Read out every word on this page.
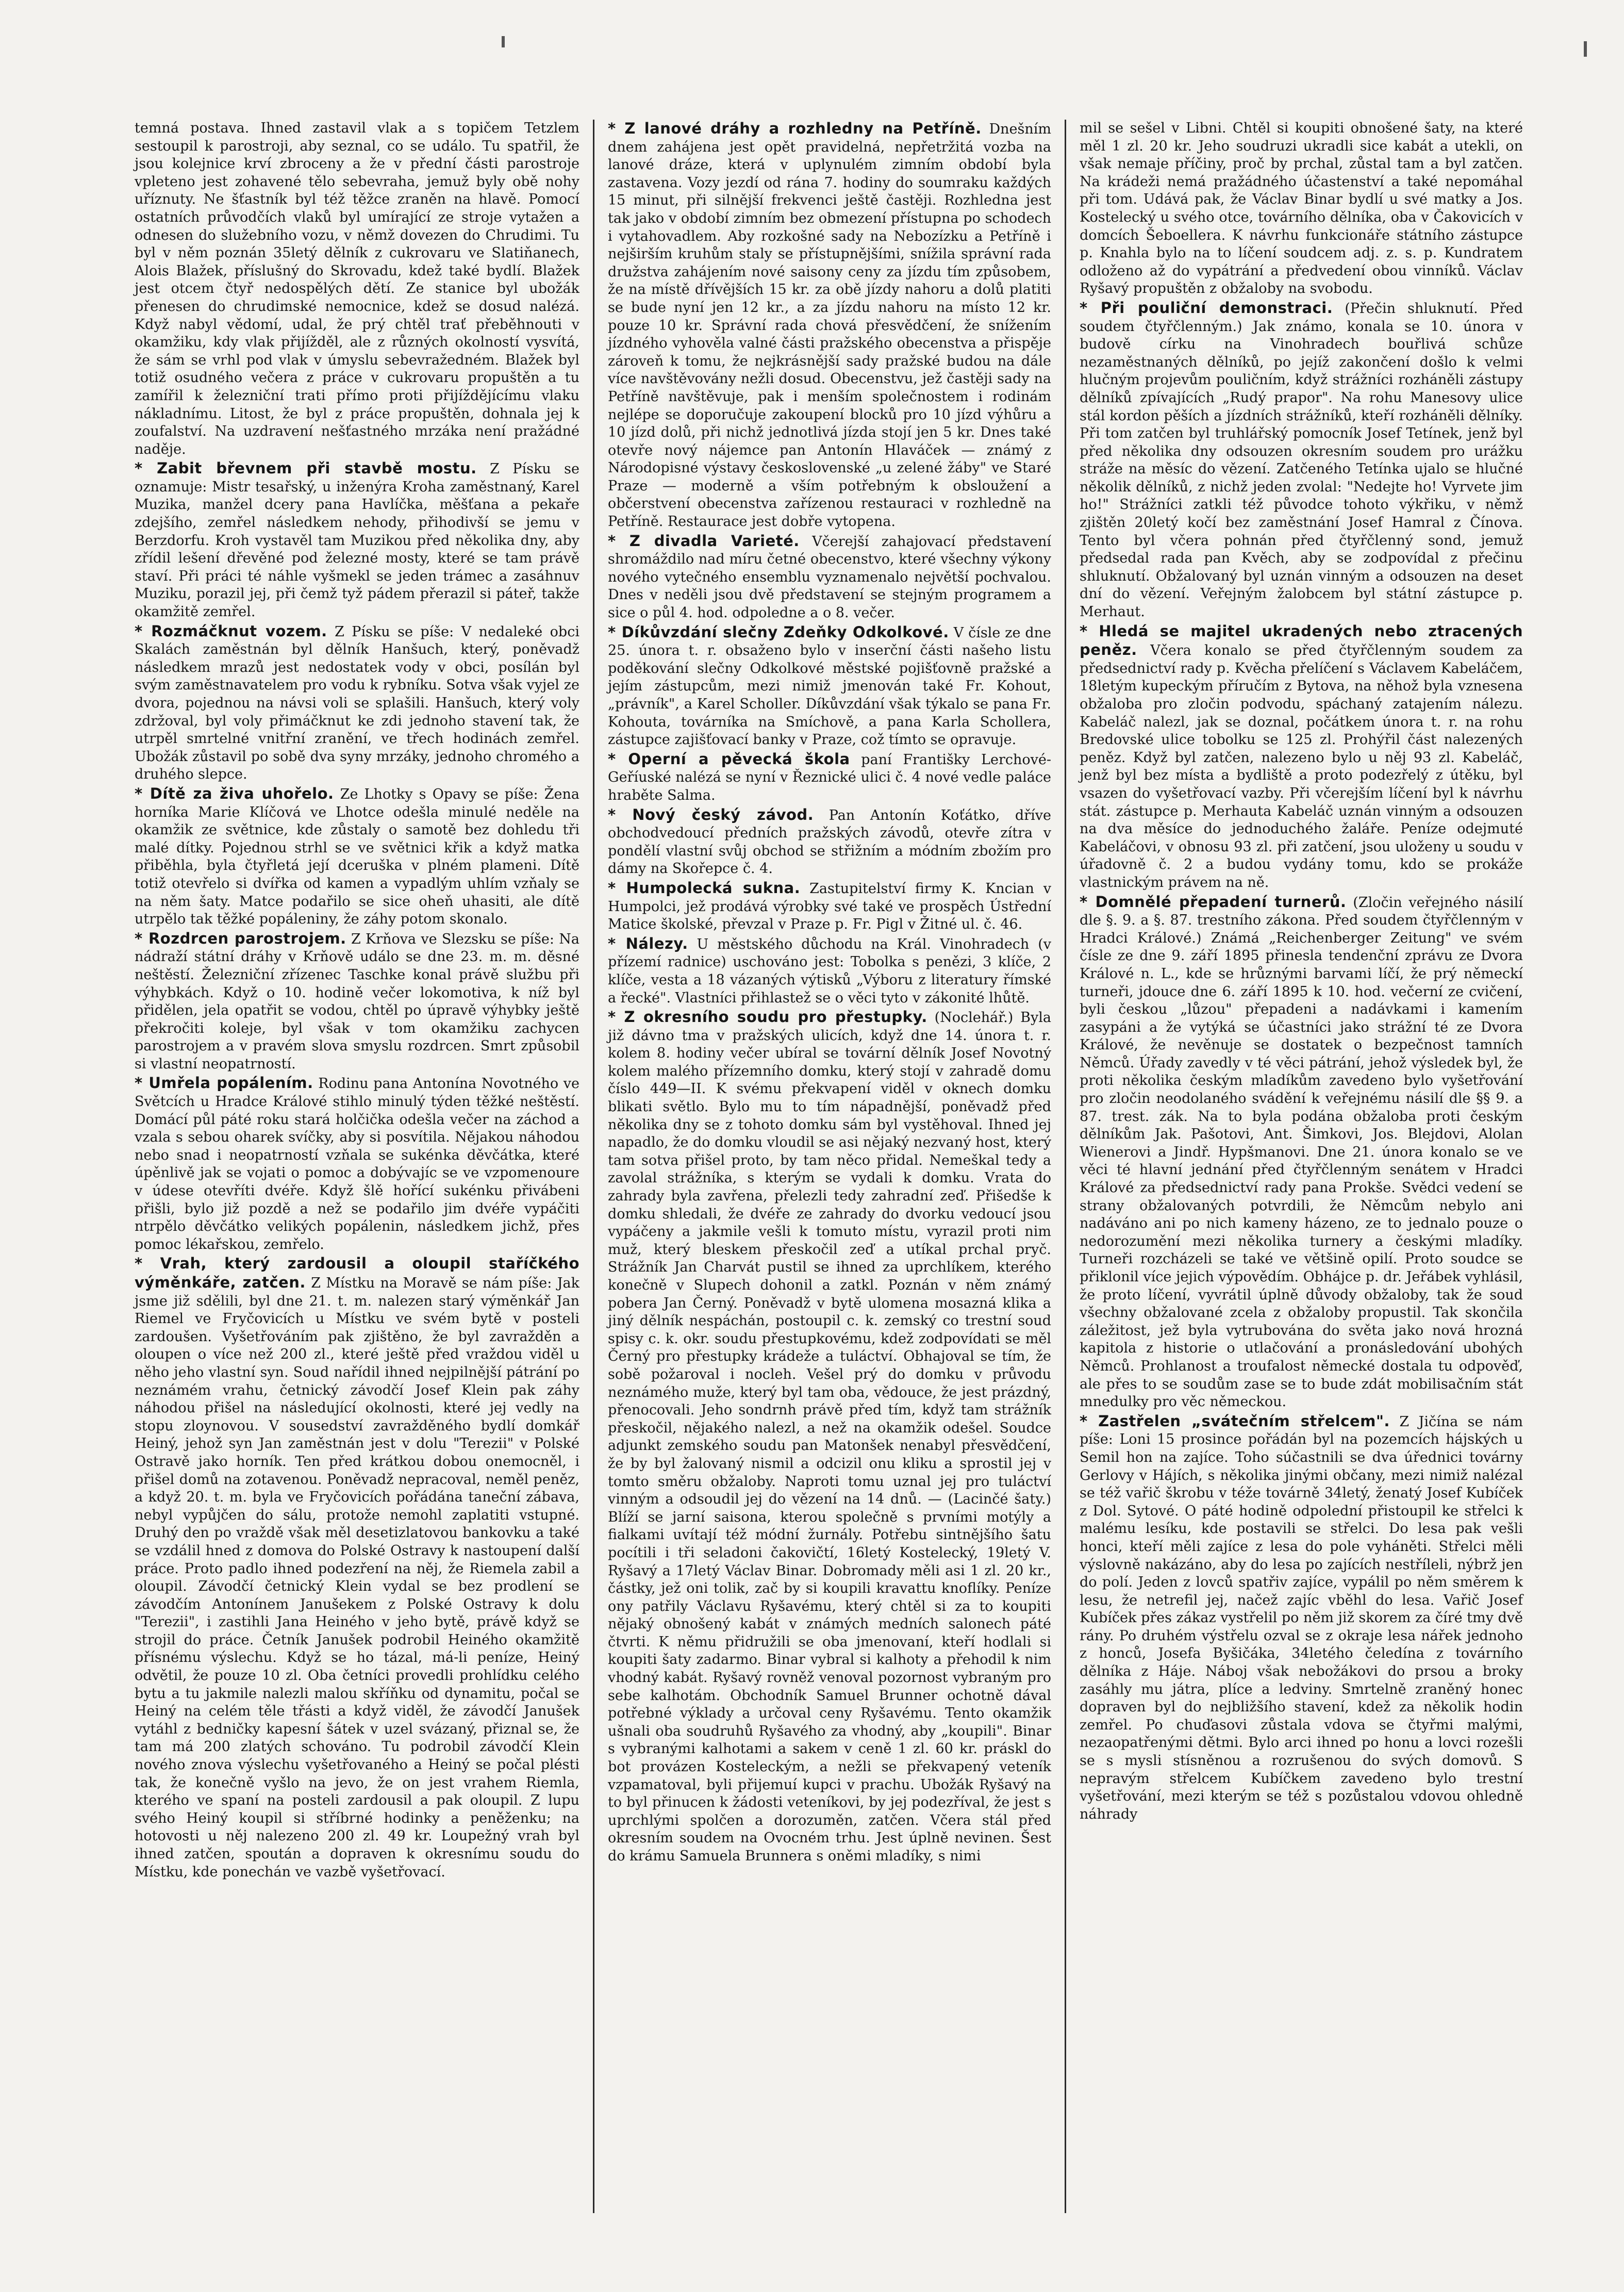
temná postava. Ihned zastavil vlak a s topičem Tetzlem sestoupil k parostroji, aby seznal, co se událo. Tu spatřil, že jsou kolejnice krví zbroceny a že v přední části parostroje vpleteno jest zohavené tělo sebevraha, jemuž byly obě nohy uříznuty. Ne šťastník byl též těžce zraněn na hlavě. Pomocí ostatních průvodčích vlaků byl umírající ze stroje vytažen a odnesen do služebního vozu, v němž dovezen do Chrudimi. Tu byl v něm poznán 35letý dělník z cukrovaru ve Slatiňanech, Alois Blažek, příslušný do Skrovadu, kdež také bydlí. Blažek jest otcem čtyř nedospělých dětí. Ze stanice byl ubožák přenesen do chrudimské nemocnice, kdež se dosud nalézá. Když nabyl vědomí, udal, že prý chtěl trať přeběhnouti v okamžiku, kdy vlak přijížděl, ale z různých okolností vysvítá, že sám se vrhl pod vlak v úmyslu sebevražedném. Blažek byl totiž osudného večera z práce v cukrovaru propuštěn a tu zamířil k železniční trati přímo proti přijíždějícímu vlaku nákladnímu. Litost, že byl z práce propuštěn, dohnala jej k zoufalství. Na uzdravení nešťastného mrzáka není pražádné naděje.

* Zabit břevnem při stavbě mostu. Z Písku se oznamuje: Mistr tesařský, u inženýra Kroha zaměstnaný, Karel Muzika, manžel dcery pana Havlíčka, měšťana a pekaře zdejšího, zemřel následkem nehody, přihodivší se jemu v Berzdorfu. Kroh vystavěl tam Muzikou před několika dny, aby zřídil lešení dřevěné pod železné mosty, které se tam právě staví. Při práci té náhle vyšmekl se jeden trámec a zasáhnuv Muziku, porazil jej, při čemž tyž pádem přerazil si páteř, takže okamžitě zemřel.

* Rozmáčknut vozem. Z Písku se píše: V nedaleké obci Skalách zaměstnán byl dělník Hanšuch, který, poněvadž následkem mrazů jest nedostatek vody v obci, posílán byl svým zaměstnavatelem pro vodu k rybníku. Sotva však vyjel ze dvora, pojednou na návsi voli se splašili. Hanšuch, který voly zdržoval, byl voly přimáčknut ke zdi jednoho stavení tak, že utrpěl smrtelné vnitřní zranění, ve třech hodinách zemřel. Ubožák zůstavil po sobě dva syny mrzáky, jednoho chromého a druhého slepce.

* Dítě za živa uhořelo. Ze Lhotky s Opavy se píše: Žena horníka Marie Klíčová ve Lhotce odešla minulé neděle na okamžik ze světnice, kde zůstaly o samotě bez dohledu tři malé dítky. Pojednou strhl se ve světnici křik a když matka přiběhla, byla čtyřletá její dceruška v plném plameni. Dítě totiž otevřelo si dvířka od kamen a vypadlým uhlím vzňaly se na něm šaty. Matce podařilo se sice oheň uhasiti, ale dítě utrpělo tak těžké popáleniny, že záhy potom skonalo.

* Rozdrcen parostrojem. Z Krňova ve Slezsku se píše: Na nádraží státní dráhy v Krňově událo se dne 23. m. m. děsné neštěstí. Železniční zřízenec Taschke konal právě službu při výhybkách. Když o 10. hodině večer lokomotiva, k níž byl přidělen, jela opatřit se vodou, chtěl po úpravě výhybky ještě překročiti koleje, byl však v tom okamžiku zachycen parostrojem a v pravém slova smyslu rozdrcen. Smrt způsobil si vlastní neopatrností.

* Umřela popálením. Rodinu pana Antonína Novotného ve Světcích u Hradce Králové stihlo minulý týden těžké neštěstí. Domácí půl páté roku stará holčička odešla večer na záchod a vzala s sebou oharek svíčky, aby si posvítila. Nějakou náhodou nebo snad i neopatrností vzňala se sukénka děvčátka, které úpěnlivě jak se vojati o pomoc a dobývajíc se ve vzpomenoure v údese otevříti dvéře. Když šlě hořící sukénku přivábeni přišli, bylo již pozdě a než se podařilo jim dvéře vypáčiti ntrpělo děvčátko velikých popálenin, následkem jichž, přes pomoc lékařskou, zemřelo.

* Vrah, který zardousil a oloupil staříčkého výměnkáře, zatčen. Z Místku na Moravě se nám píše: Jak jsme již sdělili, byl dne 21. t. m. nalezen starý výměnkář Jan Riemel ve Fryčovicích u Místku ve svém bytě v posteli zardoušen. Vyšetřováním pak zjištěno, že byl zavražděn a oloupen o více než 200 zl., které ještě před vraždou viděl u něho jeho vlastní syn. Soud nařídil ihned nejpilnější pátrání po neznámém vrahu, četnický závodčí Josef Klein pak záhy náhodou přišel na následující okolnosti, které jej vedly na stopu zloynovou. V sousedství zavražděného bydlí domkář Heiný, jehož syn Jan zaměstnán jest v dolu "Terezii" v Polské Ostravě jako horník. Ten před krátkou dobou onemocněl, i přišel domů na zotavenou. Poněvadž nepracoval, neměl peněz, a když 20. t. m. byla ve Fryčovicích pořádána taneční zábava, nebyl vypůjčen do sálu, protože nemohl zaplatiti vstupné. Druhý den po vraždě však měl desetizlatovou bankovku a také se vzdálil hned z domova do Polské Ostravy k nastoupení další práce. Proto padlo ihned podezření na něj, že Riemela zabil a oloupil. Závodčí četnický Klein vydal se bez prodlení se závodčím Antonínem Janušekem z Polské Ostravy k dolu "Terezii", i zastihli Jana Heiného v jeho bytě, právě když se strojil do práce. Četník Janušek podrobil Heiného okamžitě přísnému výslechu. Když se ho tázal, má-li peníze, Heiný odvětil, že pouze 10 zl. Oba četníci provedli prohlídku celého bytu a tu jakmile nalezli malou skříňku od dynamitu, počal se Heiný na celém těle třásti a když viděl, že závodčí Janušek vytáhl z bedničky kapesní šátek v uzel svázaný, přiznal se, že tam má 200 zlatých schováno. Tu podrobil závodčí Klein nového znova výslechu vyšetřovaného a Heiný se počal plésti tak, že konečně vyšlo na jevo, že on jest vrahem Riemla, kterého ve spaní na posteli zardousil a pak oloupil. Z lupu svého Heiný koupil si stříbrné hodinky a peněženku; na hotovosti u něj nalezeno 200 zl. 49 kr. Loupežný vrah byl ihned zatčen, spoután a dopraven k okresnímu soudu do Místku, kde ponechán ve vazbě vyšetřovací.

* Z lanové dráhy a rozhledny na Petříně. Dnešním dnem zahájena jest opět pravidelná, nepřetržitá vozba na lanové dráze, která v uplynulém zimním období byla zastavena. Vozy jezdí od rána 7. hodiny do soumraku každých 15 minut, při silnější frekvenci ještě častěji. Rozhledna jest tak jako v období zimním bez obmezení přístupna po schodech i vytahovadlem. Aby rozkošné sady na Nebozízku a Petříně i nejširším kruhům staly se přístupnějšími, snížila správní rada družstva zahájením nové saisony ceny za jízdu tím způsobem, že na místě dřívějších 15 kr. za obě jízdy nahoru a dolů platiti se bude nyní jen 12 kr., a za jízdu nahoru na místo 12 kr. pouze 10 kr. Správní rada chová přesvědčení, že snížením jízdného vyhověla valné části pražského obecenstva a přispěje zároveň k tomu, že nejkrásnější sady pražské budou na dále více navštěvovány nežli dosud. Obecenstvu, jež častěji sady na Petříně navštěvuje, pak i menším společnostem i rodinám nejlépe se doporučuje zakoupení blocků pro 10 jízd výhůru a 10 jízd dolů, při nichž jednotlivá jízda stojí jen 5 kr. Dnes také otevře nový nájemce pan Antonín Hlaváček — známý z Národopisné výstavy československé „u zelené žáby" ve Staré Praze — moderně a vším potřebným k obsloužení a občerstvení obecenstva zařízenou restauraci v rozhledně na Petříně. Restaurace jest dobře vytopena.

* Z divadla Varieté. Včerejší zahajovací představení shromáždilo nad míru četné obecenstvo, které všechny výkony nového vytečného ensemblu vyznamenalo největší pochvalou. Dnes v neděli jsou dvě představení se stejným programem a sice o půl 4. hod. odpoledne a o 8. večer.

* Díkůvzdání slečny Zdeňky Odkolkové. V čísle ze dne 25. února t. r. obsaženo bylo v inserční části našeho listu poděkování slečny Odkolkové městské pojišťovně pražské a jejím zástupcům, mezi nimiž jmenován také Fr. Kohout, „právník", a Karel Scholler. Díkůvzdání však týkalo se pana Fr. Kohouta, továrníka na Smíchově, a pana Karla Schollera, zástupce zajišťovací banky v Praze, což tímto se opravuje.

* Operní a pěvecká škola paní Františky Lerchové-Geříuské nalézá se nyní v Řeznické ulici č. 4 nové vedle paláce hraběte Salma.

* Nový český závod. Pan Antonín Koťátko, dříve obchodvedoucí předních pražských závodů, otevře zítra v pondělí vlastní svůj obchod se střižním a módním zbožím pro dámy na Skořepce č. 4.

* Humpolecká sukna. Zastupitelství firmy K. Kncian v Humpolci, jež prodává výrobky své také ve prospěch Ústřední Matice školské, převzal v Praze p. Fr. Pigl v Žitné ul. č. 46.

* Nálezy. U městského důchodu na Král. Vinohradech (v přízemí radnice) uschováno jest: Tobolka s penězi, 3 klíče, 2 klíče, vesta a 18 vázaných výtisků „Výboru z literatury římské a řecké". Vlastníci přihlastež se o věci tyto v zákonité lhůtě.

* Z okresního soudu pro přestupky. (Noclehář.) Byla již dávno tma v pražských ulicích, když dne 14. února t. r. kolem 8. hodiny večer ubíral se tovární dělník Josef Novotný kolem malého přízemního domku, který stojí v zahradě domu číslo 449—II. K svému překvapení viděl v oknech domku blikati světlo. Bylo mu to tím nápadnější, poněvadž před několika dny se z tohoto domku sám byl vystěhoval. Ihned jej napadlo, že do domku vloudil se asi nějaký nezvaný host, který tam sotva přišel proto, by tam něco přidal. Nemeškal tedy a zavolal strážníka, s kterým se vydali k domku. Vrata do zahrady byla zavřena, přelezli tedy zahradní zeď. Přišedše k domku shledali, že dvéře ze zahrady do dvorku vedoucí jsou vypáčeny a jakmile vešli k tomuto místu, vyrazil proti nim muž, který bleskem přeskočil zeď a utíkal prchal pryč. Strážník Jan Charvát pustil se ihned za uprchlíkem, kterého konečně v Slupech dohonil a zatkl. Poznán v něm známý pobera Jan Černý. Poněvadž v bytě ulomena mosazná klika a jiný dělník nespáchán, postoupil c. k. zemský co trestní soud spisy c. k. okr. soudu přestupkovému, kdež zodpovídati se měl Černý pro přestupky krádeže a tuláctví. Obhajoval se tím, že sobě požaroval i nocleh. Vešel prý do domku v průvodu neznámého muže, který byl tam oba, vědouce, že jest prázdný, přenocovali. Jeho sondrnh právě před tím, když tam strážník přeskočil, nějakého nalezl, a než na okamžik odešel. Soudce adjunkt zemského soudu pan Matonšek nenabyl přesvědčení, že by byl žalovaný nismil a odcizil onu kliku a sprostil jej v tomto směru obžaloby. Naproti tomu uznal jej pro tuláctví vinným a odsoudil jej do vězení na 14 dnů. — (Lacinčé šaty.) Blíží se jarní saisona, kterou společně s prvními motýly a fialkami uvítají též módní žurnály. Potřebu sintnějšího šatu pocítili i tři seladoni čakovičtí, 16letý Kostelecký, 19letý V. Ryšavý a 17letý Václav Binar. Dobromady měli asi 1 zl. 20 kr., částky, jež oni tolik, zač by si koupili kravattu knoflíky. Peníze ony patřily Václavu Ryšavému, který chtěl si za to koupiti nějaký obnošený kabát v známých medních salonech páté čtvrti. K němu přidružili se oba jmenovaní, kteří hodlali si koupiti šaty zadarmo. Binar vybral si kalhoty a přehodil k nim vhodný kabát. Ryšavý rovněž venoval pozornost vybraným pro sebe kalhotám. Obchodník Samuel Brunner ochotně dával potřebné výklady a určoval ceny Ryšavému. Tento okamžik ušnali oba soudruhů Ryšavého za vhodný, aby „koupili". Binar s vybranými kalhotami a sakem v ceně 1 zl. 60 kr. práskl do bot provázen Kosteleckým, a nežli se překvapený veteník vzpamatoval, byli přijemuí kupci v prachu. Ubožák Ryšavý na to byl přinucen k žádosti veteníkovi, by jej podezříval, že jest s uprchlými spolčen a dorozuměn, zatčen. Včera stál před okresním soudem na Ovocném trhu. Jest úplně nevinen. Šest do krámu Samuela Brunnera s oněmi mladíky, s nimi

mil se sešel v Libni. Chtěl si koupiti obnošené šaty, na které měl 1 zl. 20 kr. Jeho soudruzi ukradli sice kabát a utekli, on však nemaje příčiny, proč by prchal, zůstal tam a byl zatčen. Na krádeži nemá pražádného účastenství a také nepomáhal při tom. Udává pak, že Václav Binar bydlí u své matky a Jos. Kostelecký u svého otce, továrního dělníka, oba v Čakovicích v domcích Šeboellera. K návrhu funkcionáře státního zástupce p. Knahla bylo na to líčení soudcem adj. z. s. p. Kundratem odloženo až do vypátrání a předvedení obou vinníků. Václav Ryšavý propuštěn z obžaloby na svobodu.

* Při pouliční demonstraci. (Přečin shluknutí. Před soudem čtyřčlenným.) Jak známo, konala se 10. února v budově círku na Vinohradech bouřlivá schůze nezaměstnaných dělníků, po jejíž zakončení došlo k velmi hlučným projevům pouličním, když strážníci rozháněli zástupy dělníků zpívajících „Rudý prapor". Na rohu Manesovy ulice stál kordon pěších a jízdních strážníků, kteří rozháněli dělníky. Při tom zatčen byl truhlářský pomocník Josef Tetínek, jenž byl před několika dny odsouzen okresním soudem pro urážku stráže na měsíc do vězení. Zatčeného Tetínka ujalo se hlučné několik dělníků, z nichž jeden zvolal: "Nedejte ho! Vyrvete jim ho!" Strážníci zatkli též původce tohoto výkřiku, v němž zjištěn 20letý kočí bez zaměstnání Josef Hamral z Čínova. Tento byl včera pohnán před čtyřčlenný sond, jemuž předsedal rada pan Kvěch, aby se zodpovídal z přečinu shluknutí. Obžalovaný byl uznán vinným a odsouzen na deset dní do vězení. Veřejným žalobcem byl státní zástupce p. Merhaut.

* Hledá se majitel ukradených nebo ztracených peněz. Včera konalo se před čtyřčlenným soudem za předsednictví rady p. Kvěcha přelíčení s Václavem Kabeláčem, 18letým kupeckým příručím z Bytova, na něhož byla vznesena obžaloba pro zločin podvodu, spáchaný zatajením nálezu. Kabeláč nalezl, jak se doznal, počátkem února t. r. na rohu Bredovské ulice tobolku se 125 zl. Prohýřil část nalezených peněz. Když byl zatčen, nalezeno bylo u něj 93 zl. Kabeláč, jenž byl bez místa a bydliště a proto podezřelý z útěku, byl vsazen do vyšetřovací vazby. Při včerejším líčení byl k návrhu stát. zástupce p. Merhauta Kabeláč uznán vinným a odsouzen na dva měsíce do jednoduchého žaláře. Peníze odejmuté Kabeláčovi, v obnosu 93 zl. při zatčení, jsou uloženy u soudu v úřadovně č. 2 a budou vydány tomu, kdo se prokáže vlastnickým právem na ně.

* Domnělé přepadení turnerů. (Zločin veřejného násilí dle §. 9. a §. 87. trestního zákona. Před soudem čtyřčlenným v Hradci Králové.) Známá „Reichenberger Zeitung" ve svém čísle ze dne 9. září 1895 přinesla tendenční zprávu ze Dvora Králové n. L., kde se hrůznými barvami líčí, že prý německí turneři, jdouce dne 6. září 1895 k 10. hod. večerní ze cvičení, byli českou „lůzou" přepadeni a nadávkami i kamením zasypáni a že vytýká se účastníci jako strážní té ze Dvora Králové, že nevěnuje se dostatek o bezpečnost tamních Němců. Úřady zavedly v té věci pátrání, jehož výsledek byl, že proti několika českým mladíkům zavedeno bylo vyšetřování pro zločin neodolaného svádění k veřejnému násilí dle §§ 9. a 87. trest. zák. Na to byla podána obžaloba proti českým dělníkům Jak. Pašotovi, Ant. Šimkovi, Jos. Blejdovi, Alolan Wienerovi a Jindř. Hypšmanovi. Dne 21. února konalo se ve věci té hlavní jednání před čtyřčlenným senátem v Hradci Králové za předsednictví rady pana Prokše. Svědci vedení se strany obžalovaných potvrdili, že Němcům nebylo ani nadáváno ani po nich kameny házeno, ze to jednalo pouze o nedorozumění mezi několika turnery a českými mladíky. Turneři rozcházeli se také ve většině opilí. Proto soudce se přiklonil více jejich výpovědím. Obhájce p. dr. Jeřábek vyhlásil, že proto líčení, vyvrátil úplně důvody obžaloby, tak že soud všechny obžalované zcela z obžaloby propustil. Tak skončila záležitost, jež byla vytrubována do světa jako nová hrozná kapitola z historie o utlačování a pronásledování ubohých Němců. Prohlanost a troufalost německé dostala tu odpověď, ale přes to se soudům zase se to bude zdát mobilisačním stát mnedulky pro věc německou.

* Zastřelen „svátečním střelcem". Z Jičína se nám píše: Loni 15 prosince pořádán byl na pozemcích hájských u Semil hon na zajíce. Toho súčastnili se dva úřednici továrny Gerlovy v Hájích, s několika jinými občany, mezi nimiž nalézal se též vařič škrobu v téže továrně 34letý, ženatý Josef Kubíček z Dol. Sytové. O páté hodině odpolední přistoupil ke střelci k malému lesíku, kde postavili se střelci. Do lesa pak vešli honci, kteří měli zajíce z lesa do pole vyháněti. Střelci měli výslovně nakázáno, aby do lesa po zajících nestříleli, nýbrž jen do polí. Jeden z lovců spatřiv zajíce, vypálil po něm směrem k lesu, že netrefil jej, načež zajíc vběhl do lesa. Vařič Josef Kubíček přes zákaz vystřelil po něm již skorem za číré tmy dvě rány. Po druhém výstřelu ozval se z okraje lesa nářek jednoho z honců, Josefa Byšičáka, 34letého čeledína z továrního dělníka z Háje. Náboj však nebožákovi do prsou a broky zasáhly mu játra, plíce a ledviny. Smrtelně zraněný honec dopraven byl do nejbližšího stavení, kdež za několik hodin zemřel. Po chuďasovi zůstala vdova se čtyřmi malými, nezaopatřenými dětmi. Bylo arci ihned po honu a lovci rozešli se s mysli stísněnou a rozrušenou do svých domovů. S nepravým střelcem Kubíčkem zavedeno bylo trestní vyšetřování, mezi kterým se též s pozůstalou vdovou ohledně náhrady
